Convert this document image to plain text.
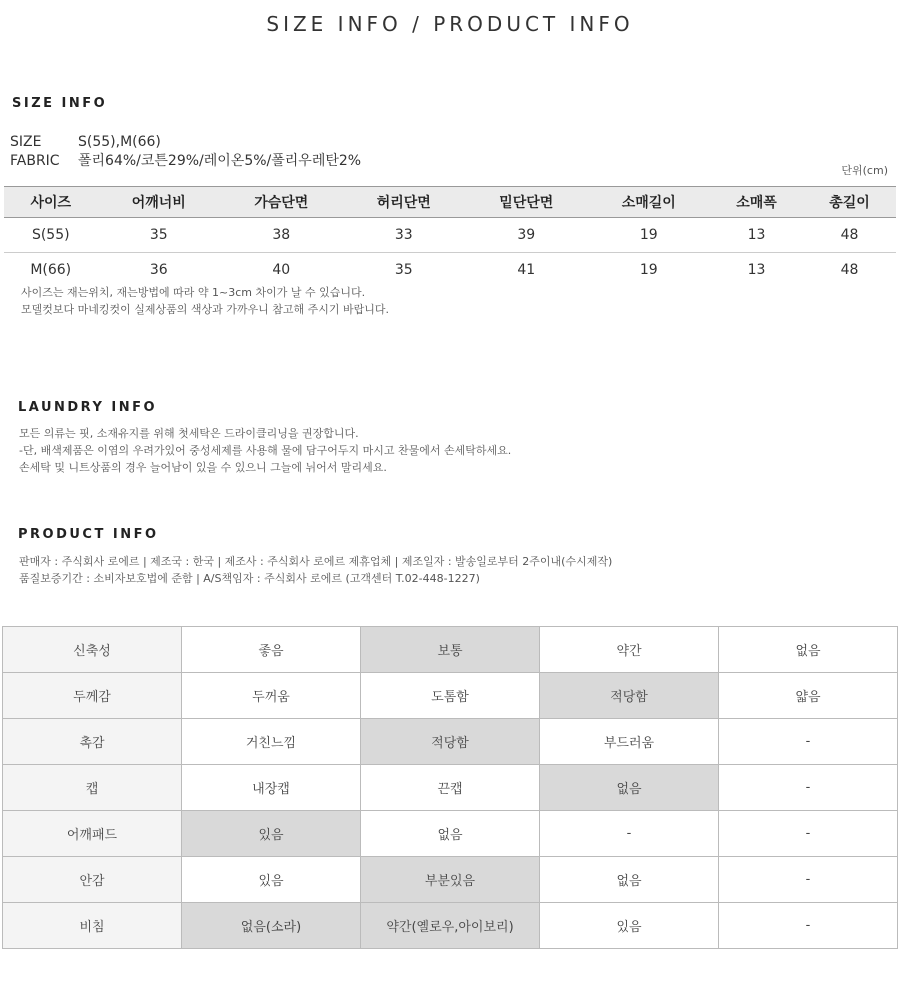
SIZE INFO / PRODUCT INFO
SIZE INFO
SIZE	S(55),M(66)
FABRIC 폴리64%/코튼29%/레이온5%/폴리우레탄2%
단위(cm)
사이즈	어깨너비	가슴단면	허리단면	밑단단면	소매길이	소매폭	총길이
S(55)	35	38	33	39	19	13	48
M(66)	36	40	35	41	19	13	48
사이즈는 재는위치, 재는방법에 따라 약 1~3cm 차이가 날 수 있습니다.
모델컷보다 마네킹컷이 실제상품의 색상과 가까우니 참고해 주시기 바랍니다.
LAUNDRY INFO
모든 의류는 핏, 소재유지를 위해 첫세탁은 드라이클리닝을 권장합니다.
-단, 배색제품은 이염의 우려가있어 중성세제를 사용해 물에 담구어두지 마시고 찬물에서 손세탁하세요.
손세탁 및 니트상품의 경우 늘어남이 있을 수 있으니 그늘에 뉘어서 말리세요.
PRODUCT INFO
판매자 : 주식회사 로에르 | 제조국 : 한국 | 제조사 : 주식회사 로에르 제휴업체 | 제조일자 : 발송일로부터 2주이내(수시제작)
품질보증기간 : 소비자보호법에 준함 | A/S책임자 : 주식회사 로에르 (고객센터 T.02-448-1227)
신축성	좋음	보통	약간	없음
두께감	두꺼움	도톰함	적당함	얇음
촉감	거친느낌	적당함	부드러움	-
캡	내장캡	끈캡	없음	-
어깨패드	있음	없음	-	-
안감	있음	부분있음	없음	-
비침	없음(소라)	약간(옐로우,아이보리)	있음	-
